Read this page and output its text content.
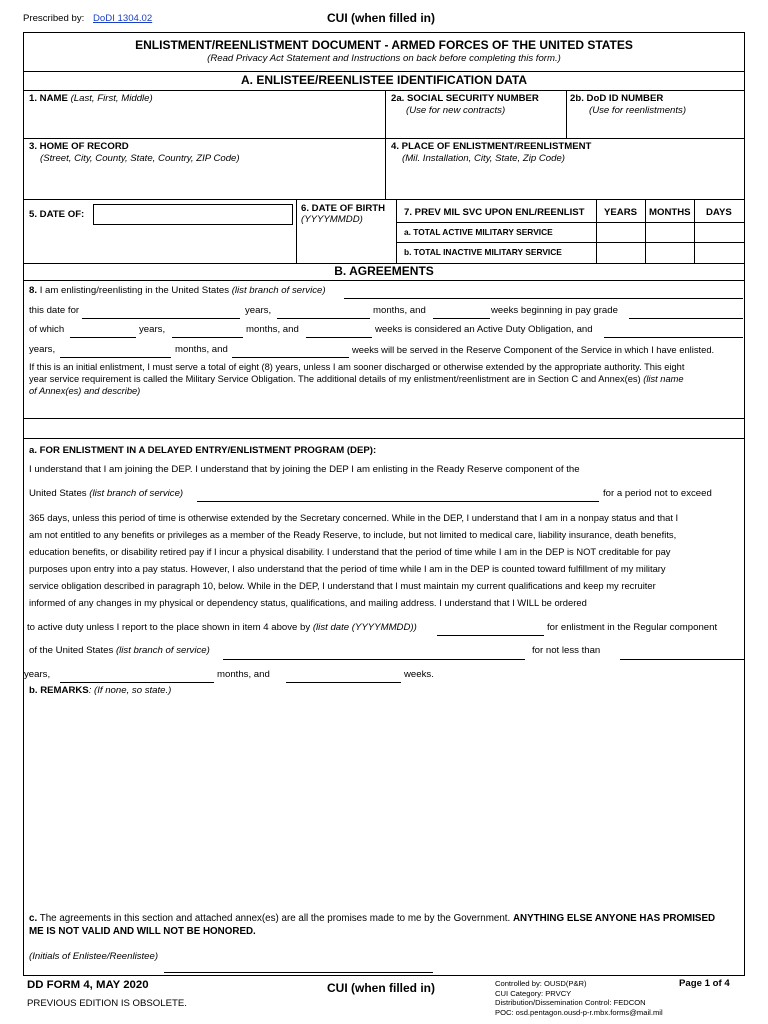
Prescribed by: DoDI 1304.02	CUI (when filled in)
ENLISTMENT/REENLISTMENT DOCUMENT - ARMED FORCES OF THE UNITED STATES
(Read Privacy Act Statement and Instructions on back before completing this form.)
A. ENLISTEE/REENLISTEE IDENTIFICATION DATA
1. NAME (Last, First, Middle)	2a. SOCIAL SECURITY NUMBER
(Use for new contracts)
2b. DoD ID NUMBER
(Use for reenlistments)
3. HOME OF RECORD
(Street, City, County, State, Country, ZIP Code)
4. PLACE OF ENLISTMENT/REENLISTMENT
(Mil. Installation, City, State, Zip Code)
5. DATE OF:
6. DATE OF BIRTH
(YYYYMMDD)
7. PREV MIL SVC UPON ENL/REENLIST YEARS MONTHS DAYS
a. TOTAL ACTIVE MILITARY SERVICE
b. TOTAL INACTIVE MILITARY SERVICE
B. AGREEMENTS
8. I am enlisting/reenlisting in the United States (list branch of service)
this date for	years,	months, and	weeks beginning in pay grade
of which	years,	months, and	weeks is considered an Active Duty Obligation, and
years,	months, and	weeks will be served in the Reserve Component of the Service in which I have enlisted.
If this is an initial enlistment, I must serve a total of eight (8) years, unless I am sooner discharged or otherwise extended by the appropriate authority. This eight
year service requirement is called the Military Service Obligation. The additional details of my enlistment/reenlistment are in Section C and Annex(es) (list name
of Annex(es) and describe)
a. FOR ENLISTMENT IN A DELAYED ENTRY/ENLISTMENT PROGRAM (DEP):
I understand that I am joining the DEP. I understand that by joining the DEP I am enlisting in the Ready Reserve component of the
United States (list branch of service)	for a period not to exceed
365 days, unless this period of time is otherwise extended by the Secretary concerned. While in the DEP, I understand that I am in a nonpay status and that I
am not entitled to any benefits or privileges as a member of the Ready Reserve, to include, but not limited to medical care, liability insurance, death benefits,
education benefits, or disability retired pay if I incur a physical disability. I understand that the period of time while I am in the DEP is NOT creditable for pay
purposes upon entry into a pay status. However, I also understand that the period of time while I am in the DEP is counted toward fulfillment of my military
service obligation described in paragraph 10, below. While in the DEP, I understand that I must maintain my current qualifications and keep my recruiter
informed of any changes in my physical or dependency status, qualifications, and mailing address. I understand that I WILL be ordered
to active duty unless I report to the place shown in item 4 above by (list date (YYYYMMDD))	for enlistment in the Regular component
of the United States (list branch of service)	for not less than
years,	months, and	weeks.
b. REMARKS: (If none, so state.)
c. The agreements in this section and attached annex(es) are all the promises made to me by the Government. ANYTHING ELSE ANYONE HAS PROMISED
ME IS NOT VALID AND WILL NOT BE HONORED.
(Initials of Enlistee/Reenlistee)
DD FORM 4, MAY 2020
PREVIOUS EDITION IS OBSOLETE.
CUI (when filled in)	Controlled by: OUSD(P&R)
CUI Category: PRVCY
Distribution/Dissemination Control: FEDCON
POC: osd.pentagon.ousd-p-r.mbx.forms@mail.mil
Page 1 of 4
